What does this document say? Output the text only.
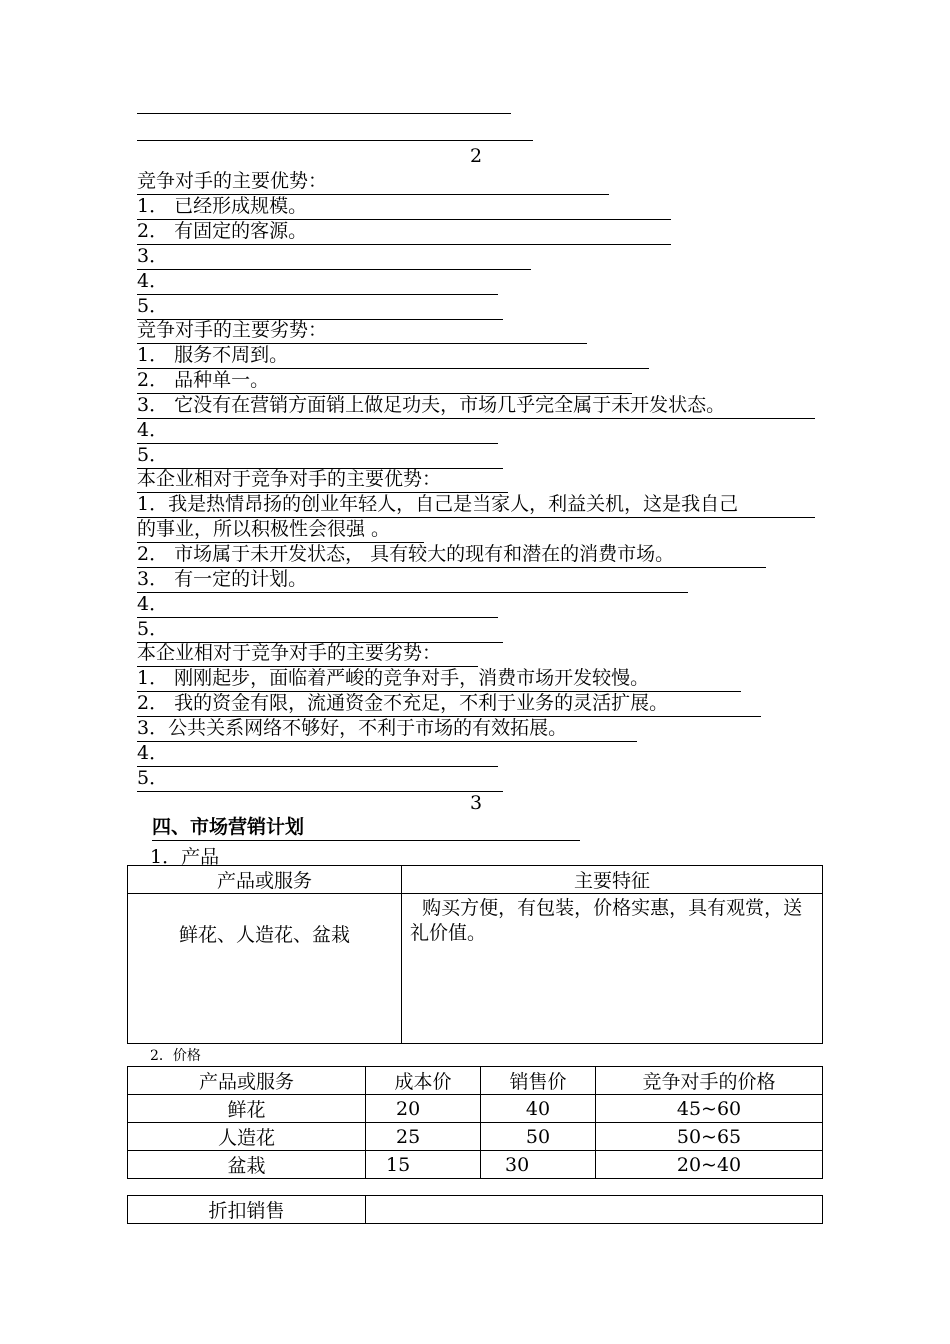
2
竞争对手的主要优势：
1． 已经形成规模。
2． 有固定的客源。
3．
4．
5．
竞争对手的主要劣势：
1． 服务不周到。
2． 品种单一。
3． 它没有在营销方面销上做足功夫，市场几乎完全属于未开发状态。
4．
5．
本企业相对于竞争对手的主要优势：
1．我是热情昂扬的创业年轻人，自己是当家人，利益关机，这是我自己
的事业，所以积极性会很强 。
2． 市场属于未开发状态， 具有较大的现有和潜在的消费市场。
3． 有一定的计划。
4．
5．
本企业相对于竞争对手的主要劣势：
1． 刚刚起步，面临着严峻的竞争对手，消费市场开发较慢。
2． 我的资金有限，流通资金不充足，不利于业务的灵活扩展。
3．公共关系网络不够好，不利于市场的有效拓展。
4．
5．
3
四、市场营销计划
1．产品
产品或服务	主要特征
鲜花、人造花、盆栽	购买方便，有包装，价格实惠，具有观赏，送礼价值。
2．价格
产品或服务	成本价	销售价	竞争对手的价格
鲜花	20	40	45~60
人造花	25	50	50~65
盆栽	15	30	20~40
折扣销售	
